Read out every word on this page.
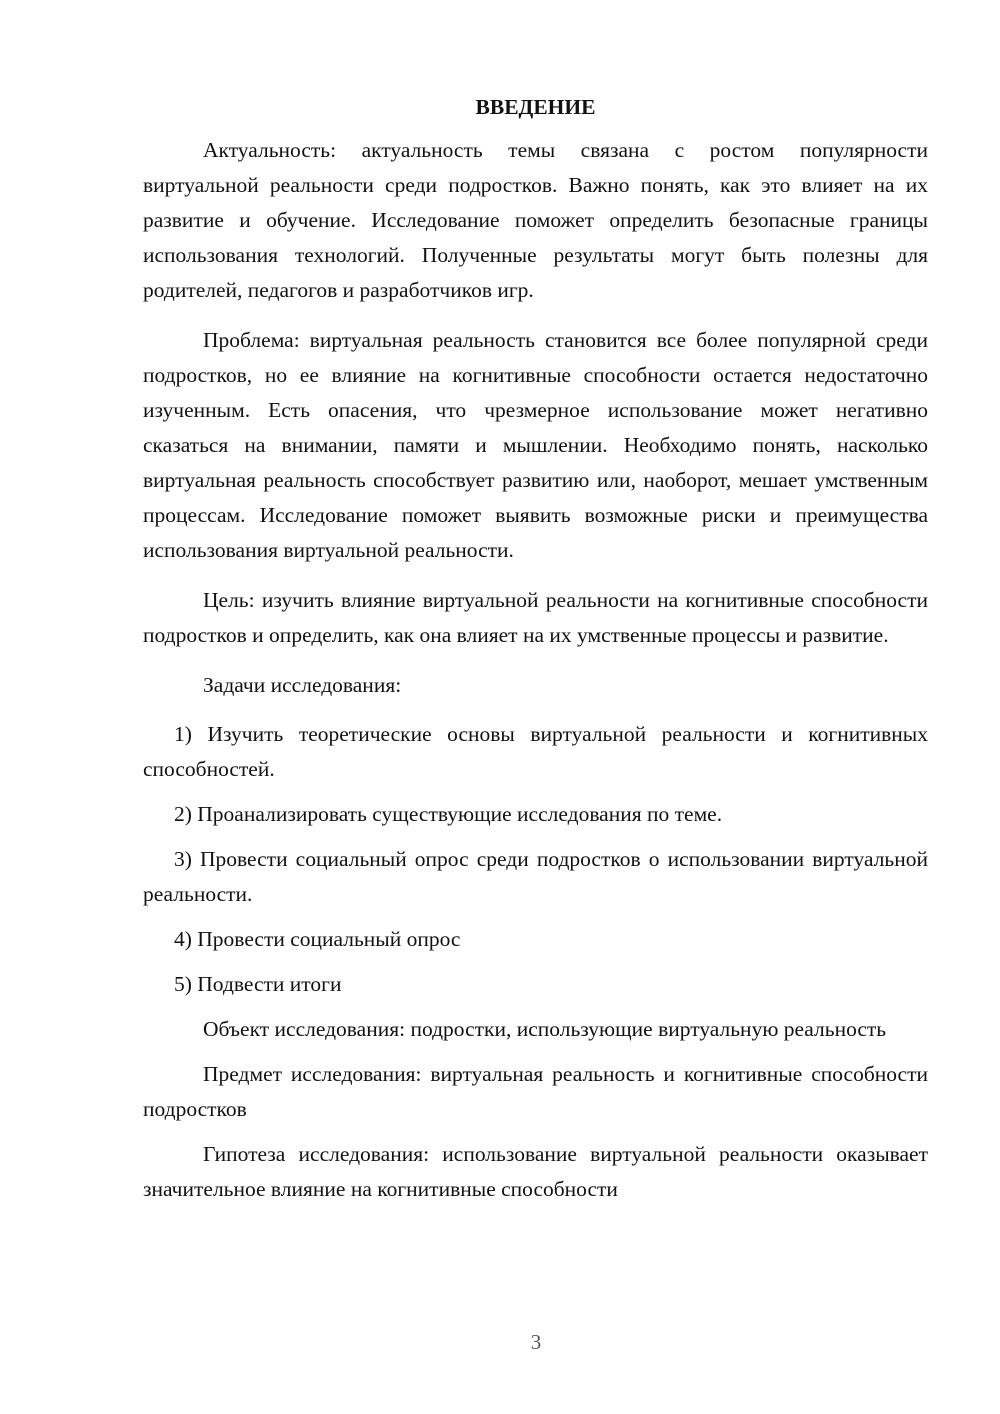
ВВЕДЕНИЕ

Актуальность: актуальность темы связана с ростом популярности виртуальной реальности среди подростков. Важно понять, как это влияет на их развитие и обучение. Исследование поможет определить безопасные границы использования технологий. Полученные результаты могут быть полезны для родителей, педагогов и разработчиков игр.

Проблема: виртуальная реальность становится все более популярной среди подростков, но ее влияние на когнитивные способности остается недостаточно изученным. Есть опасения, что чрезмерное использование может негативно сказаться на внимании, памяти и мышлении. Необходимо понять, насколько виртуальная реальность способствует развитию или, наоборот, мешает умственным процессам. Исследование поможет выявить возможные риски и преимущества использования виртуальной реальности.

Цель: изучить влияние виртуальной реальности на когнитивные способности подростков и определить, как она влияет на их умственные процессы и развитие.

Задачи исследования:

1) Изучить теоретические основы виртуальной реальности и когнитивных способностей.

2) Проанализировать существующие исследования по теме.

3) Провести социальный опрос среди подростков о использовании виртуальной реальности.

4) Провести социальный опрос

5) Подвести итоги

Объект исследования: подростки, использующие виртуальную реальность

Предмет исследования: виртуальная реальность и когнитивные способности подростков

Гипотеза исследования: использование виртуальной реальности оказывает значительное влияние на когнитивные способности

3
